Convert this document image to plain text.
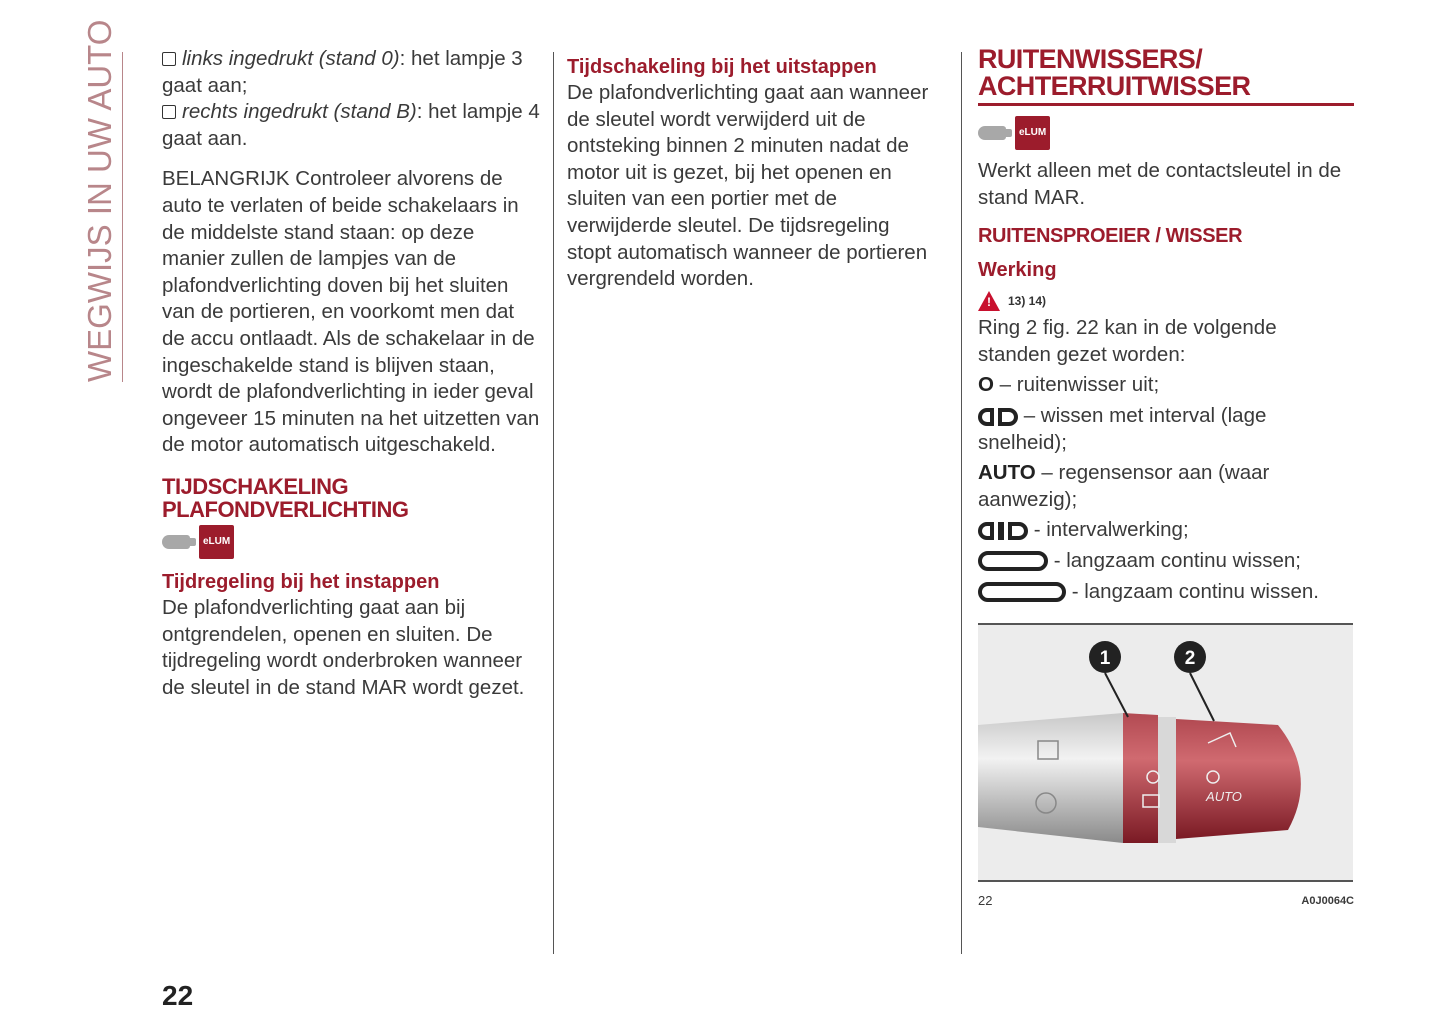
WEGWIJS IN UW AUTO	links ingedrukt (stand 0): het lampje 3 gaat aan;

rechts ingedrukt (stand B): het lampje 4 gaat aan.

BELANGRIJK Controleer alvorens de auto te verlaten of beide schakelaars in de middelste stand staan: op deze manier zullen de lampjes van de plafondverlichting doven bij het sluiten van de portieren, en voorkomt men dat de accu ontlaadt. Als de schakelaar in de ingeschakelde stand is blijven staan, wordt de plafondverlichting in ieder geval ongeveer 15 minuten na het uitzetten van de motor automatisch uitgeschakeld.

TIJDSCHAKELING
PLAFONDVERLICHTING
eLUM
Tijdregeling bij het instappen

De plafondverlichting gaat aan bij ontgrendelen, openen en sluiten. De tijdregeling wordt onderbroken wanneer de sleutel in de stand MAR wordt gezet.

Tijdschakeling bij het uitstappen

De plafondverlichting gaat aan wanneer de sleutel wordt verwijderd uit de ontsteking binnen 2 minuten nadat de motor uit is gezet, bij het openen en sluiten van een portier met de verwijderde sleutel. De tijdsregeling stopt automatisch wanneer de portieren vergrendeld worden.

RUITENWISSERS/
ACHTERRUITWISSER
eLUM

Werkt alleen met de contactsleutel in de stand MAR.

RUITENSPROEIER / WISSER
Werking
! 13) 14)

Ring 2 fig. 22 kan in de volgende standen gezet worden:

O – ruitenwisser uit;

– wissen met interval (lage snelheid);

AUTO – regensensor aan (waar aanwezig);

- intervalwerking;

- langzaam continu wissen;

- langzaam continu wissen.

1	2
AUTO
22	A0J0064C
22
